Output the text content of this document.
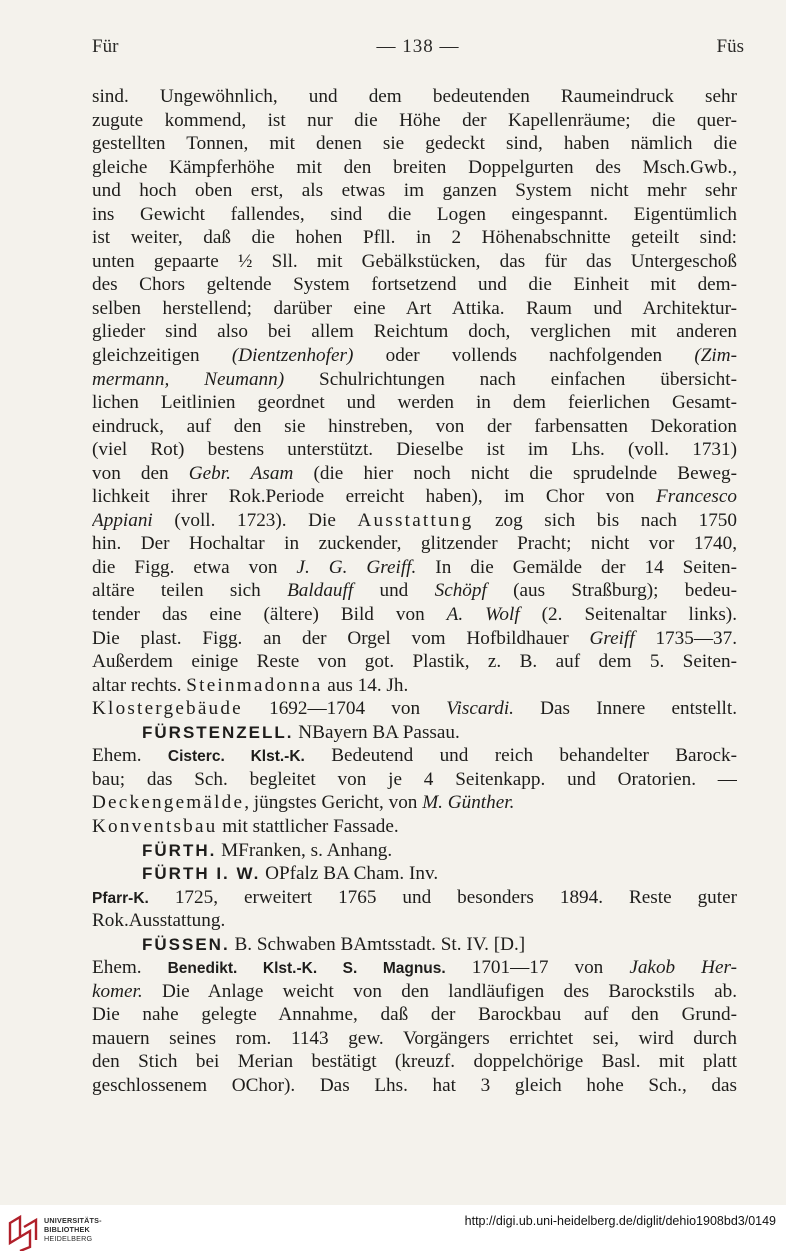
Für	— 138 —	Füs
sind. Ungewöhnlich, und dem bedeutenden Raumeindruck sehr
zugute kommend, ist nur die Höhe der Kapellenräume; die quer-
gestellten Tonnen, mit denen sie gedeckt sind, haben nämlich die
gleiche Kämpferhöhe mit den breiten Doppelgurten des Msch.Gwb.,
und hoch oben erst, als etwas im ganzen System nicht mehr sehr
ins Gewicht fallendes, sind die Logen eingespannt. Eigentümlich
ist weiter, daß die hohen Pfll. in 2 Höhenabschnitte geteilt sind:
unten gepaarte ½ Sll. mit Gebälkstücken, das für das Untergeschoß
des Chors geltende System fortsetzend und die Einheit mit dem-
selben herstellend; darüber eine Art Attika. Raum und Architektur-
glieder sind also bei allem Reichtum doch, verglichen mit anderen
gleichzeitigen (Dientzenhofer) oder vollends nachfolgenden (Zim-
mermann, Neumann) Schulrichtungen nach einfachen übersicht-
lichen Leitlinien geordnet und werden in dem feierlichen Gesamt-
eindruck, auf den sie hinstreben, von der farbensatten Dekoration
(viel Rot) bestens unterstützt. Dieselbe ist im Lhs. (voll. 1731)
von den Gebr. Asam (die hier noch nicht die sprudelnde Beweg-
lichkeit ihrer Rok.Periode erreicht haben), im Chor von Francesco
Appiani (voll. 1723). Die Ausstattung zog sich bis nach 1750
hin. Der Hochaltar in zuckender, glitzender Pracht; nicht vor 1740,
die Figg. etwa von J. G. Greiff. In die Gemälde der 14 Seiten-
altäre teilen sich Baldauff und Schöpf (aus Straßburg); bedeu-
tender das eine (ältere) Bild von A. Wolf (2. Seitenaltar links).
Die plast. Figg. an der Orgel vom Hofbildhauer Greiff 1735—37.
Außerdem einige Reste von got. Plastik, z. B. auf dem 5. Seiten-
altar rechts. Steinmadonna aus 14. Jh.
Klostergebäude 1692—1704 von Viscardi. Das Innere entstellt.
FÜRSTENZELL. NBayern BA Passau.
Ehem. Cisterc. Klst.-K. Bedeutend und reich behandelter Barock-
bau; das Sch. begleitet von je 4 Seitenkapp. und Oratorien. —
Deckengemälde, jüngstes Gericht, von M. Günther.
Konventsbau mit stattlicher Fassade.
FÜRTH. MFranken, s. Anhang.
FÜRTH I. W. OPfalz BA Cham. Inv.
Pfarr-K. 1725, erweitert 1765 und besonders 1894. Reste guter
Rok.Ausstattung.
FÜSSEN. B. Schwaben BAmtsstadt. St. IV. [D.]
Ehem. Benedikt. Klst.-K. S. Magnus. 1701—17 von Jakob Her-
komer. Die Anlage weicht von den landläufigen des Barockstils ab.
Die nahe gelegte Annahme, daß der Barockbau auf den Grund-
mauern seines rom. 1143 gew. Vorgängers errichtet sei, wird durch
den Stich bei Merian bestätigt (kreuzf. doppelchörige Basl. mit platt
geschlossenem OChor). Das Lhs. hat 3 gleich hohe Sch., das
UNIVERSITÄTS-
BIBLIOTHEK
HEIDELBERG
http://digi.ub.uni-heidelberg.de/diglit/dehio1908bd3/0149
